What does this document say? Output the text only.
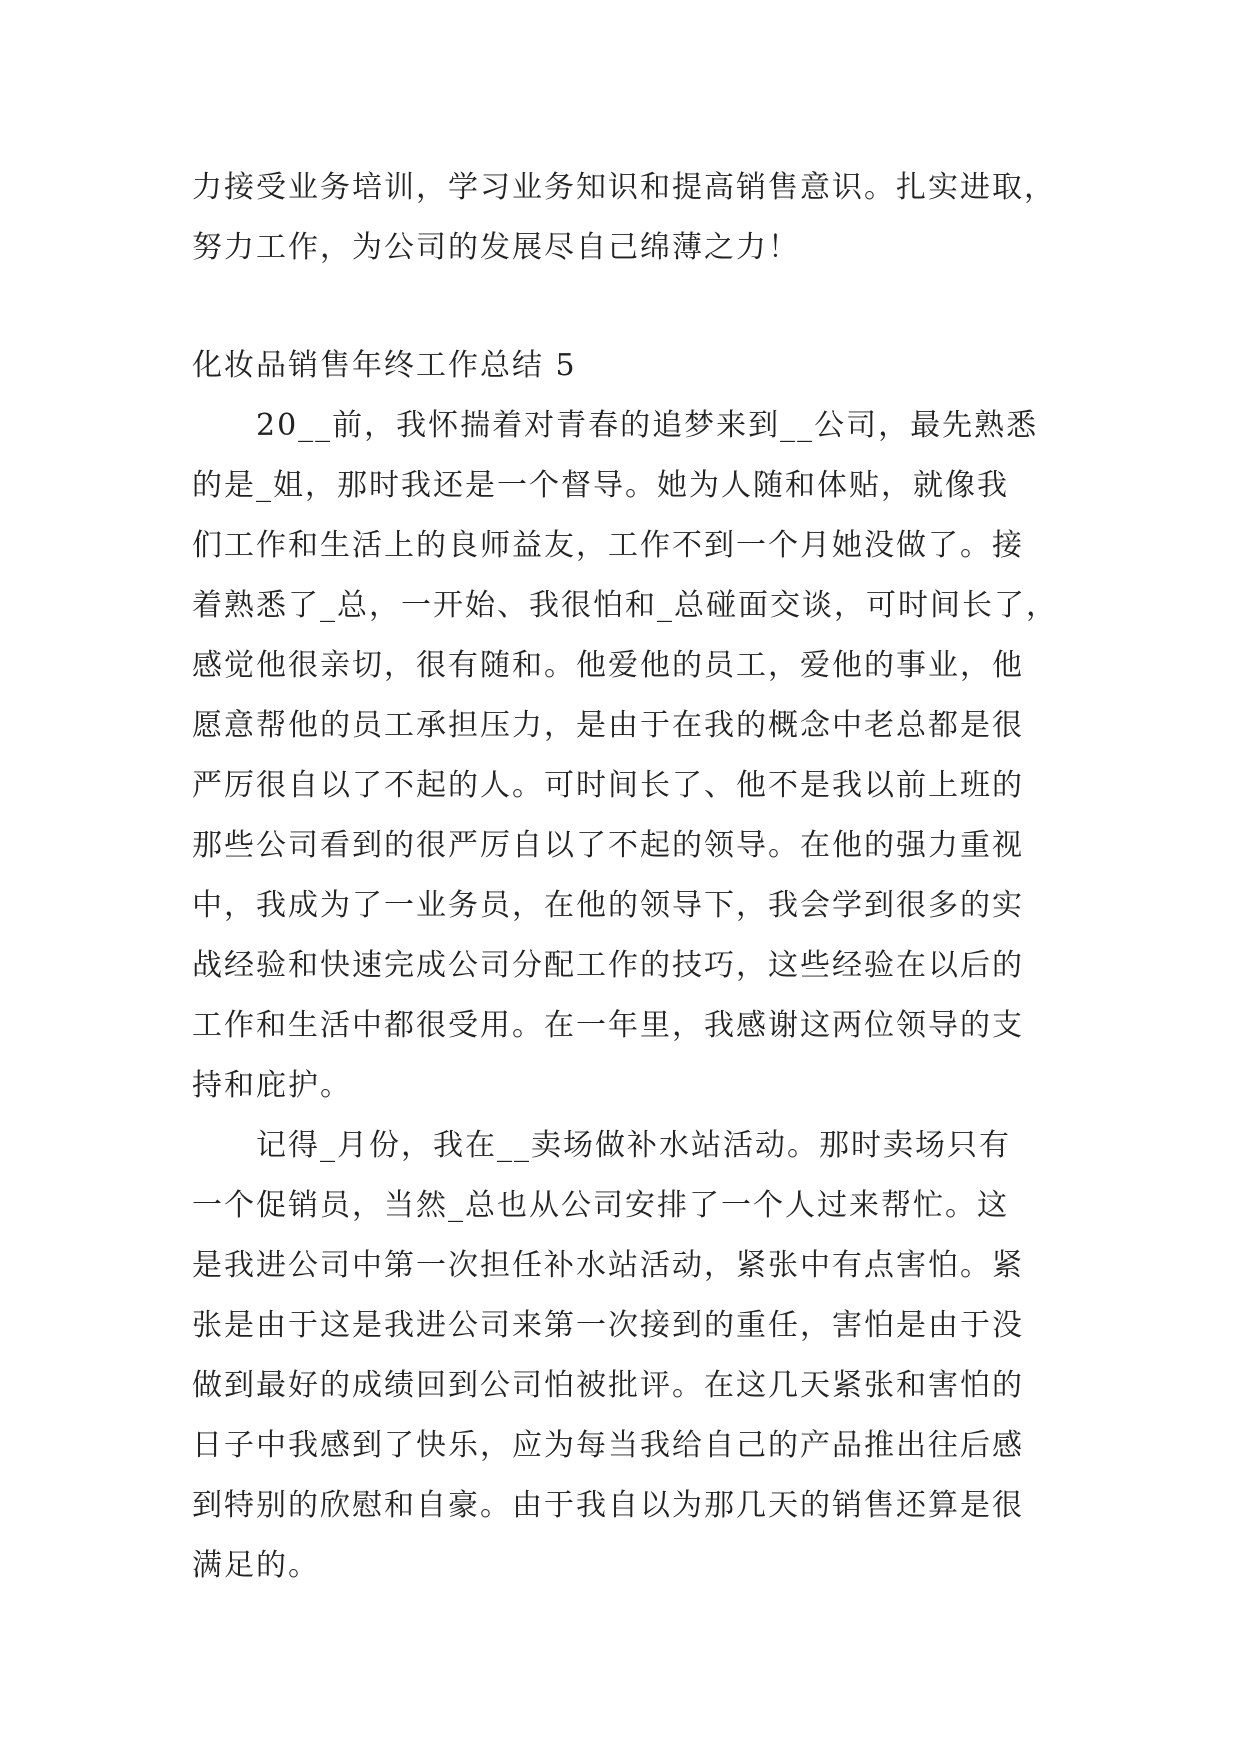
力接受业务培训，学习业务知识和提高销售意识。扎实进取，
努力工作，为公司的发展尽自己绵薄之力！

化妆品销售年终工作总结 5

20__前，我怀揣着对青春的追梦来到__公司，最先熟悉
的是_姐，那时我还是一个督导。她为人随和体贴，就像我
们工作和生活上的良师益友，工作不到一个月她没做了。接
着熟悉了_总，一开始、我很怕和_总碰面交谈，可时间长了，
感觉他很亲切，很有随和。他爱他的员工，爱他的事业，他
愿意帮他的员工承担压力，是由于在我的概念中老总都是很
严厉很自以了不起的人。可时间长了、他不是我以前上班的
那些公司看到的很严厉自以了不起的领导。在他的强力重视
中，我成为了一业务员，在他的领导下，我会学到很多的实
战经验和快速完成公司分配工作的技巧，这些经验在以后的
工作和生活中都很受用。在一年里，我感谢这两位领导的支
持和庇护。

记得_月份，我在__卖场做补水站活动。那时卖场只有
一个促销员，当然_总也从公司安排了一个人过来帮忙。这
是我进公司中第一次担任补水站活动，紧张中有点害怕。紧
张是由于这是我进公司来第一次接到的重任，害怕是由于没
做到最好的成绩回到公司怕被批评。在这几天紧张和害怕的
日子中我感到了快乐，应为每当我给自己的产品推出往后感
到特别的欣慰和自豪。由于我自以为那几天的销售还算是很
满足的。
